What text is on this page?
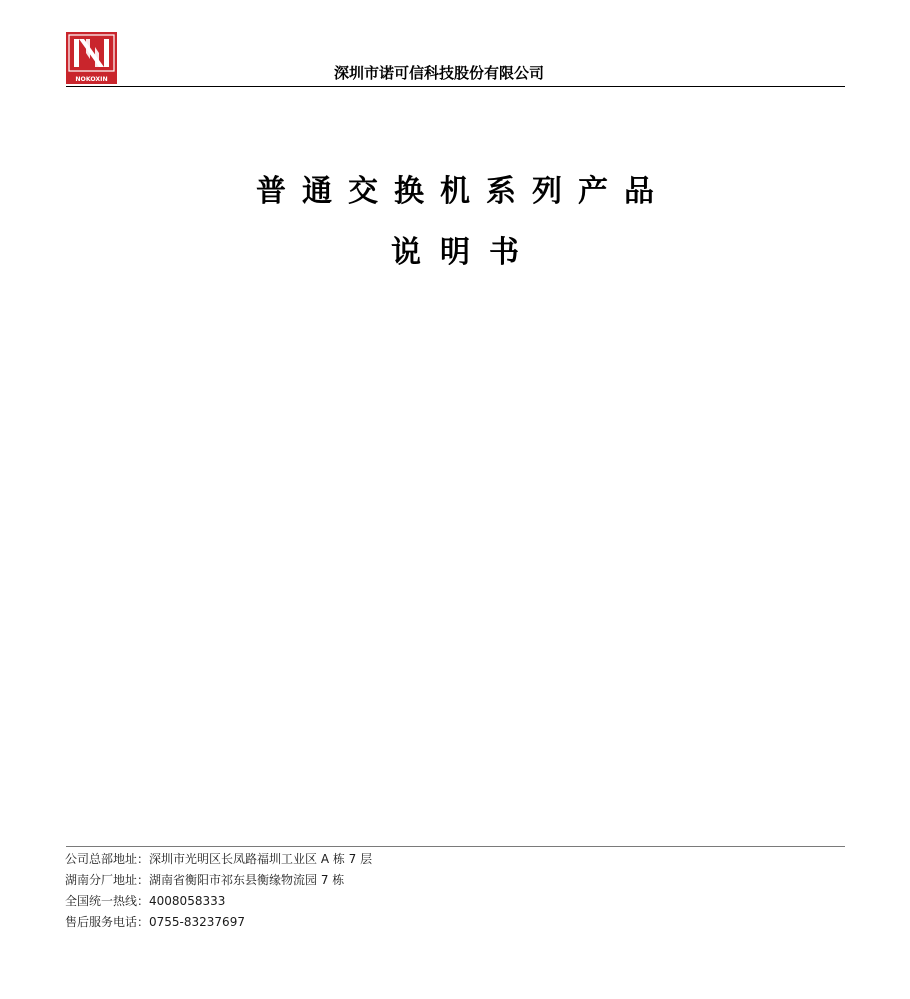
NOKOXIN	深圳市诺可信科技股份有限公司
普通交换机系列产品
说明书
公司总部地址：深圳市光明区长凤路福圳工业区 A 栋 7 层
湖南分厂地址：湖南省衡阳市祁东县衡缘物流园 7 栋
全国统一热线：4008058333
售后服务电话：0755-83237697
